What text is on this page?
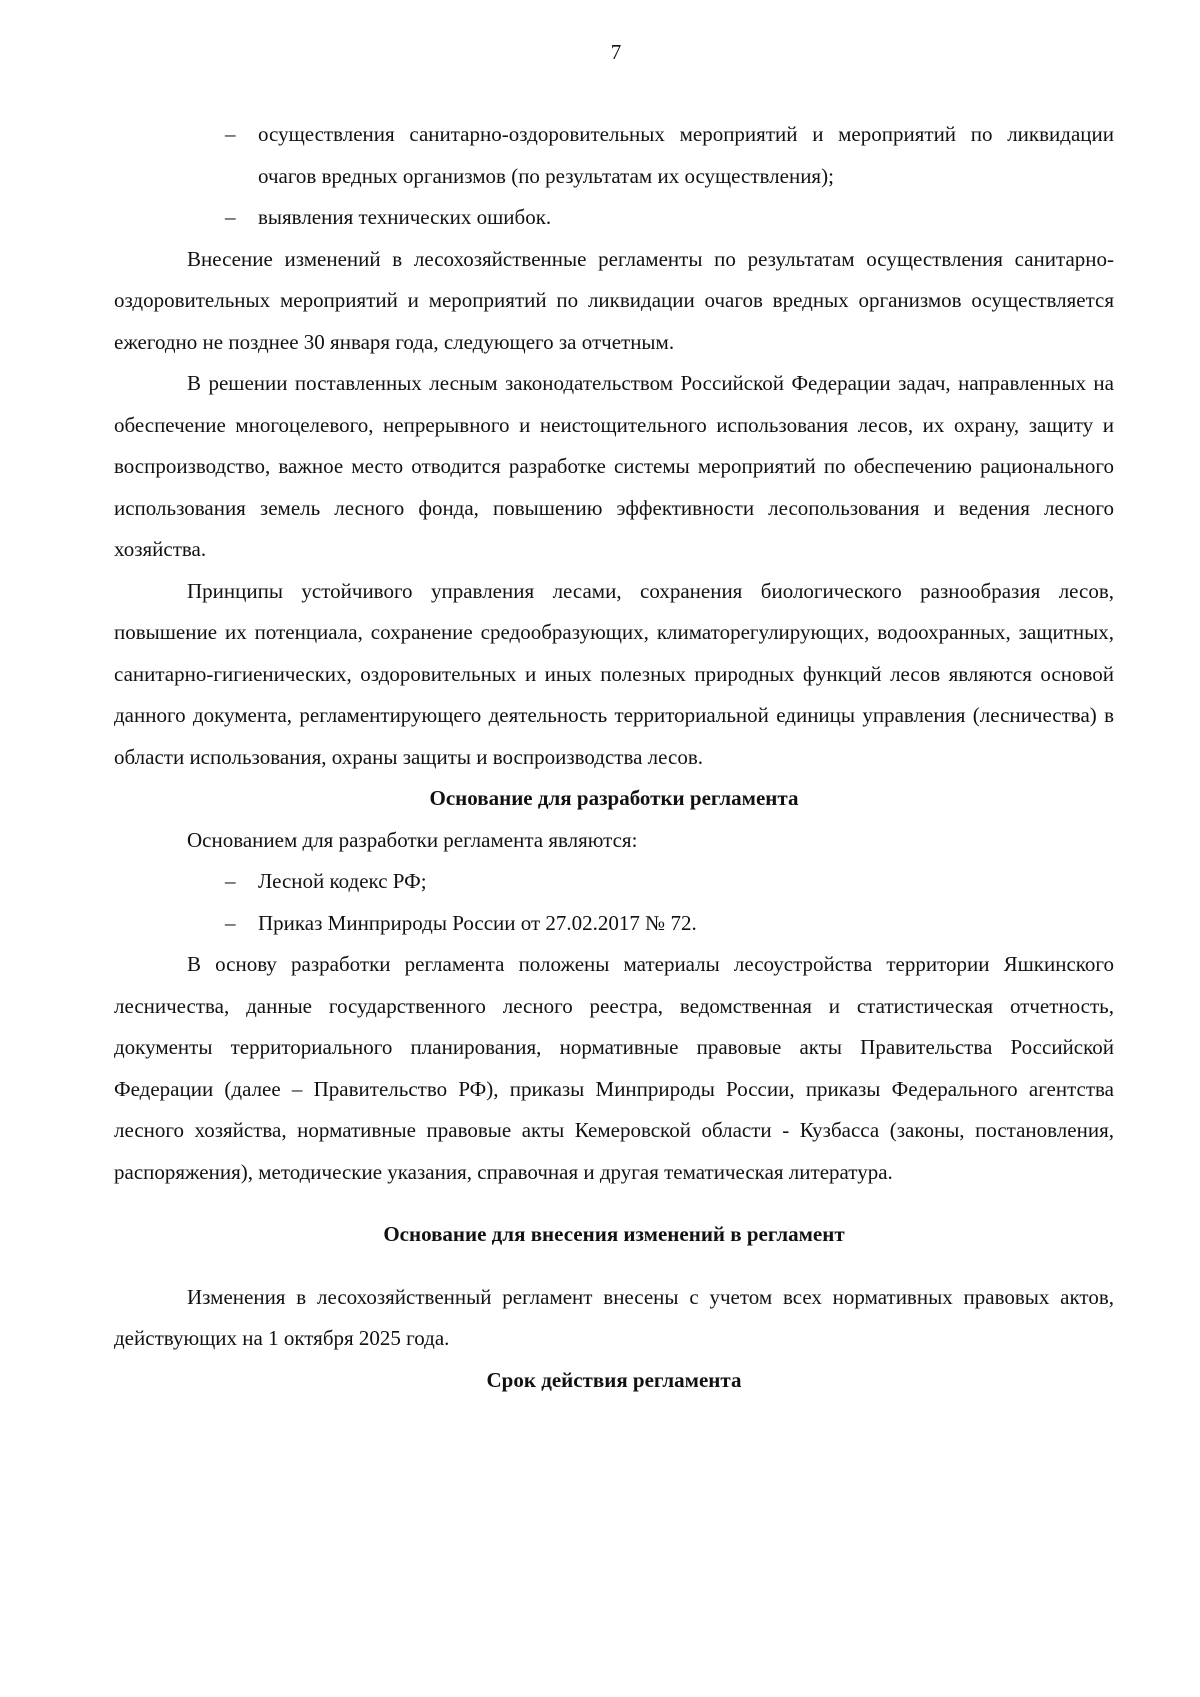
7

– осуществления санитарно-оздоровительных мероприятий и мероприятий по ликвидации очагов вредных организмов (по результатам их осуществления);

– выявления технических ошибок.

Внесение изменений в лесохозяйственные регламенты по результатам осуществления санитарно-оздоровительных мероприятий и мероприятий по ликвидации очагов вредных организмов осуществляется ежегодно не позднее 30 января года, следующего за отчетным.

В решении поставленных лесным законодательством Российской Федерации задач, направленных на обеспечение многоцелевого, непрерывного и неистощительного использования лесов, их охрану, защиту и воспроизводство, важное место отводится разработке системы мероприятий по обеспечению рационального использования земель лесного фонда, повышению эффективности лесопользования и ведения лесного хозяйства.

Принципы устойчивого управления лесами, сохранения биологического разнообразия лесов, повышение их потенциала, сохранение средообразующих, климаторегулирующих, водоохранных, защитных, санитарно-гигиенических, оздоровительных и иных полезных природных функций лесов являются основой данного документа, регламентирующего деятельность территориальной единицы управления (лесничества) в области использования, охраны защиты и воспроизводства лесов.

Основание для разработки регламента

Основанием для разработки регламента являются:

– Лесной кодекс РФ;

– Приказ Минприроды России от 27.02.2017 № 72.

В основу разработки регламента положены материалы лесоустройства территории Яшкинского лесничества, данные государственного лесного реестра, ведомственная и статистическая отчетность, документы территориального планирования, нормативные правовые акты Правительства Российской Федерации (далее – Правительство РФ), приказы Минприроды России, приказы Федерального агентства лесного хозяйства, нормативные правовые акты Кемеровской области - Кузбасса (законы, постановления, распоряжения), методические указания, справочная и другая тематическая литература.

Основание для внесения изменений в регламент

Изменения в лесохозяйственный регламент внесены с учетом всех нормативных правовых актов, действующих на 1 октября 2025 года.

Срок действия регламента
